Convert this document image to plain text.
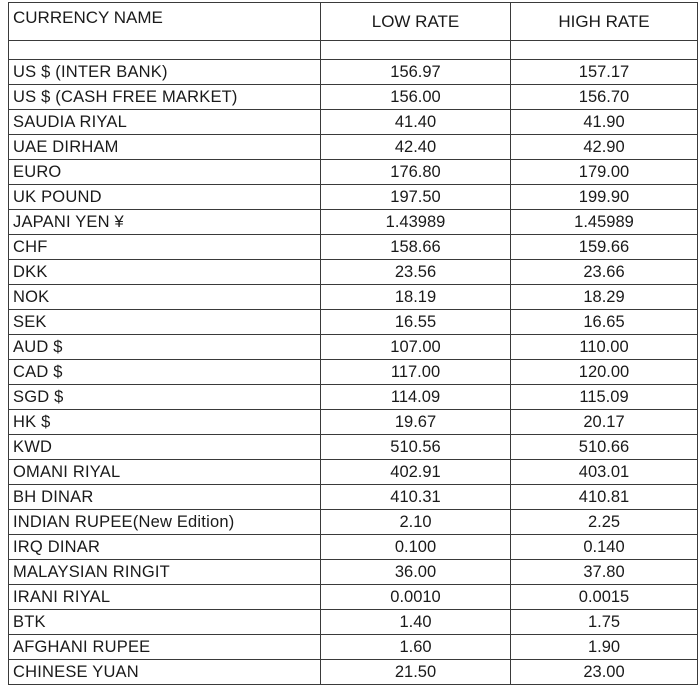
CURRENCY NAME	LOW RATE	HIGH RATE

US $ (INTER BANK)	156.97	157.17
US $ (CASH FREE MARKET)	156.00	156.70
SAUDIA RIYAL	41.40	41.90
UAE DIRHAM	42.40	42.90
EURO	176.80	179.00
UK POUND	197.50	199.90
JAPANI YEN ¥	1.43989	1.45989
CHF	158.66	159.66
DKK	23.56	23.66
NOK	18.19	18.29
SEK	16.55	16.65
AUD $	107.00	110.00
CAD $	117.00	120.00
SGD $	114.09	115.09
HK $	19.67	20.17
KWD	510.56	510.66
OMANI RIYAL	402.91	403.01
BH DINAR	410.31	410.81
INDIAN RUPEE(New Edition)	2.10	2.25
IRQ DINAR	0.100	0.140
MALAYSIAN RINGIT	36.00	37.80
IRANI RIYAL	0.0010	0.0015
BTK	1.40	1.75
AFGHANI RUPEE	1.60	1.90
CHINESE YUAN	21.50	23.00
